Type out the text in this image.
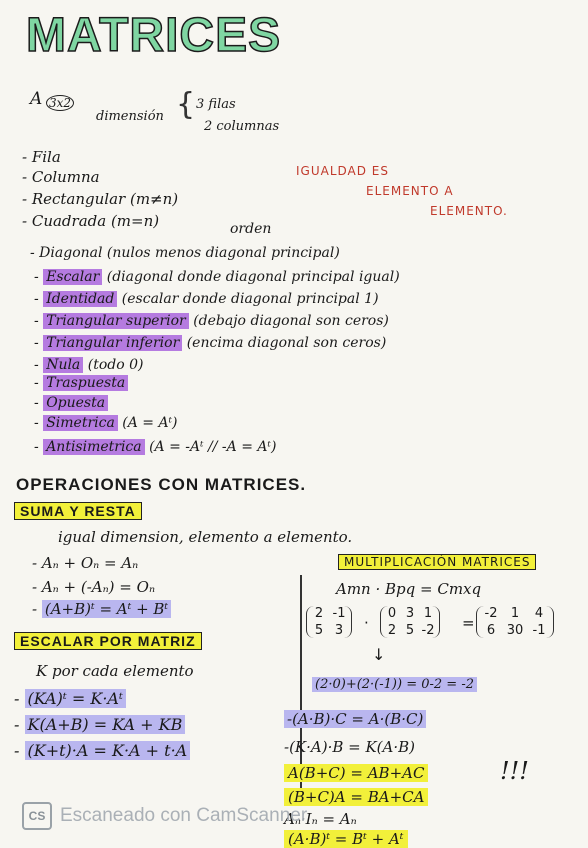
MATRICES
A 3x2
dimensión { 3 filas
2 columnas
- Fila
- Columna
- Rectangular (m≠n)
- Cuadrada (m=n)	orden
IGUALDAD ES
ELEMENTO A
ELEMENTO.
- Diagonal (nulos menos diagonal principal)
- Escalar (diagonal donde diagonal principal igual)
- Identidad (escalar donde diagonal principal 1)
- Triangular superior (debajo diagonal son ceros)
- Triangular inferior (encima diagonal son ceros)
- Nula (todo 0)
- Traspuesta
- Opuesta
- Simetrica (A = Aᵗ)
- Antisimetrica (A = -Aᵗ // -A = Aᵗ)
OPERACIONES CON MATRICES.
SUMA Y RESTA
igual dimension, elemento a elemento.
- Aₙ + Oₙ = Aₙ
- Aₙ + (-Aₙ) = Oₙ
- (A+B)ᵗ = Aᵗ + Bᵗ
ESCALAR POR MATRIZ
K por cada elemento
- (KA)ᵗ = K·Aᵗ
- K(A+B) = KA + KB
- (K+t)·A = K·A + t·A
MULTIPLICACIÓN MATRICES
Amn · Bpq = Cmxq
2 -1
5 3 ·
0 3 1
2 5 -2 =
-2	1	4
6 30 -1
↓
(2·0)+(2·(-1)) = 0-2 = -2
-(A·B)·C = A·(B·C)
-(K·A)·B = K(A·B)
A(B+C) = AB+AC
(B+C)A = BA+CA
Aₙ·Iₙ = Aₙ
(A·B)ᵗ = Bᵗ + Aᵗ
!!!
CS Escaneado con CamScanner
